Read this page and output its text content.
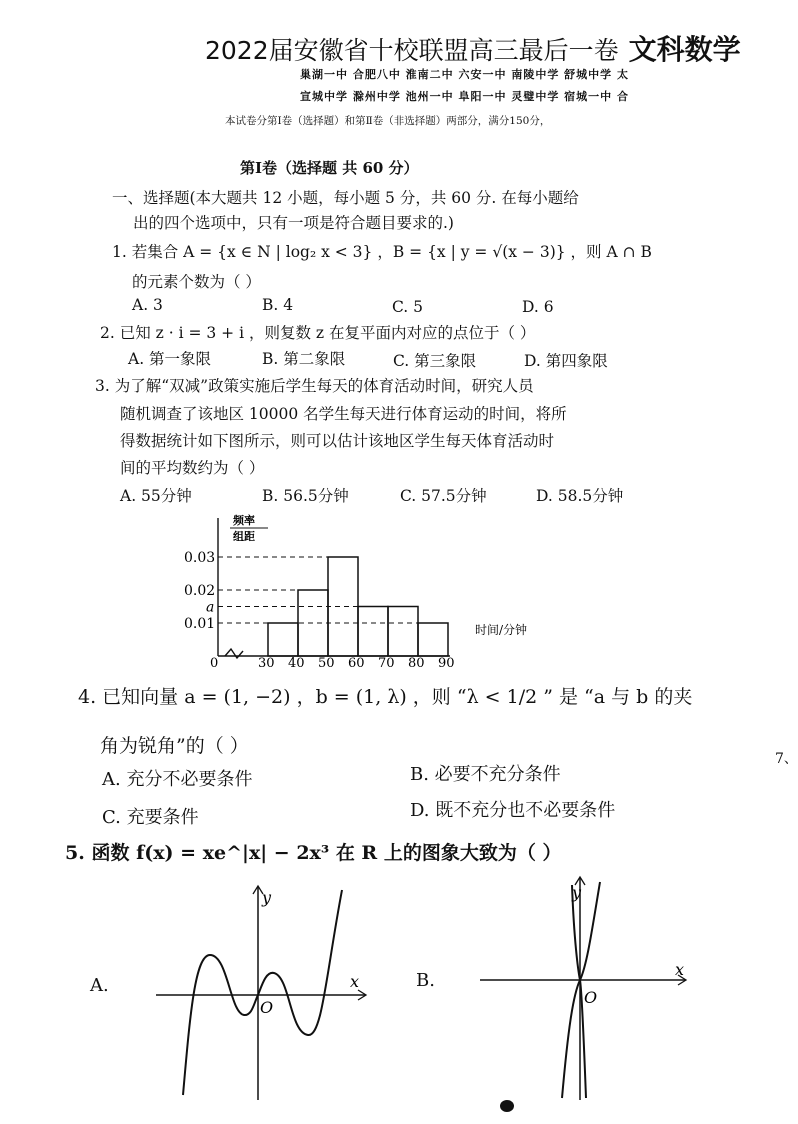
2022届安徽省十校联盟高三最后一卷 文科数学
巢湖一中 合肥八中 淮南二中 六安一中 南陵中学 舒城中学 太
宣城中学 滁州中学 池州一中 阜阳一中 灵璧中学 宿城一中 合
本试卷分第Ⅰ卷（选择题）和第Ⅱ卷（非选择题）两部分，满分150分，
第Ⅰ卷（选择题 共 60 分）
一、选择题(本大题共 12 小题，每小题 5 分，共 60 分. 在每小题给
出的四个选项中，只有一项是符合题目要求的.)
1. 若集合 A = {x ∈ N | log₂ x < 3} ，B = {x | y = √(x − 3)} ，则 A ∩ B
的元素个数为（ ）
A. 3	B. 4	C. 5	D. 6
2. 已知 z · i = 3 + i ，则复数 z 在复平面内对应的点位于（ ）
A. 第一象限	B. 第二象限	C. 第三象限	D. 第四象限
3. 为了解“双减”政策实施后学生每天的体育活动时间，研究人员
随机调查了该地区 10000 名学生每天进行体育运动的时间，将所
得数据统计如下图所示，则可以估计该地区学生每天体育活动时
间的平均数约为（ ）
A. 55分钟	B. 56.5分钟	C. 57.5分钟	D. 58.5分钟
频率
组距
时间/分钟
0
0.03
0.02
a
0.01
30 40 50 60 70 80 90
4. 已知向量 a = (1, −2) ，b = (1, λ) ，则 “λ < 1/2 ” 是 “a 与 b 的夹
角为锐角”的（ ）
A. 充分不必要条件	B. 必要不充分条件
C. 充要条件	D. 既不充分也不必要条件
5. 函数 f(x) = xe^|x| − 2x³ 在 R 上的图象大致为（ ）
A.	x
y
O
B.
x
y
O
7、
